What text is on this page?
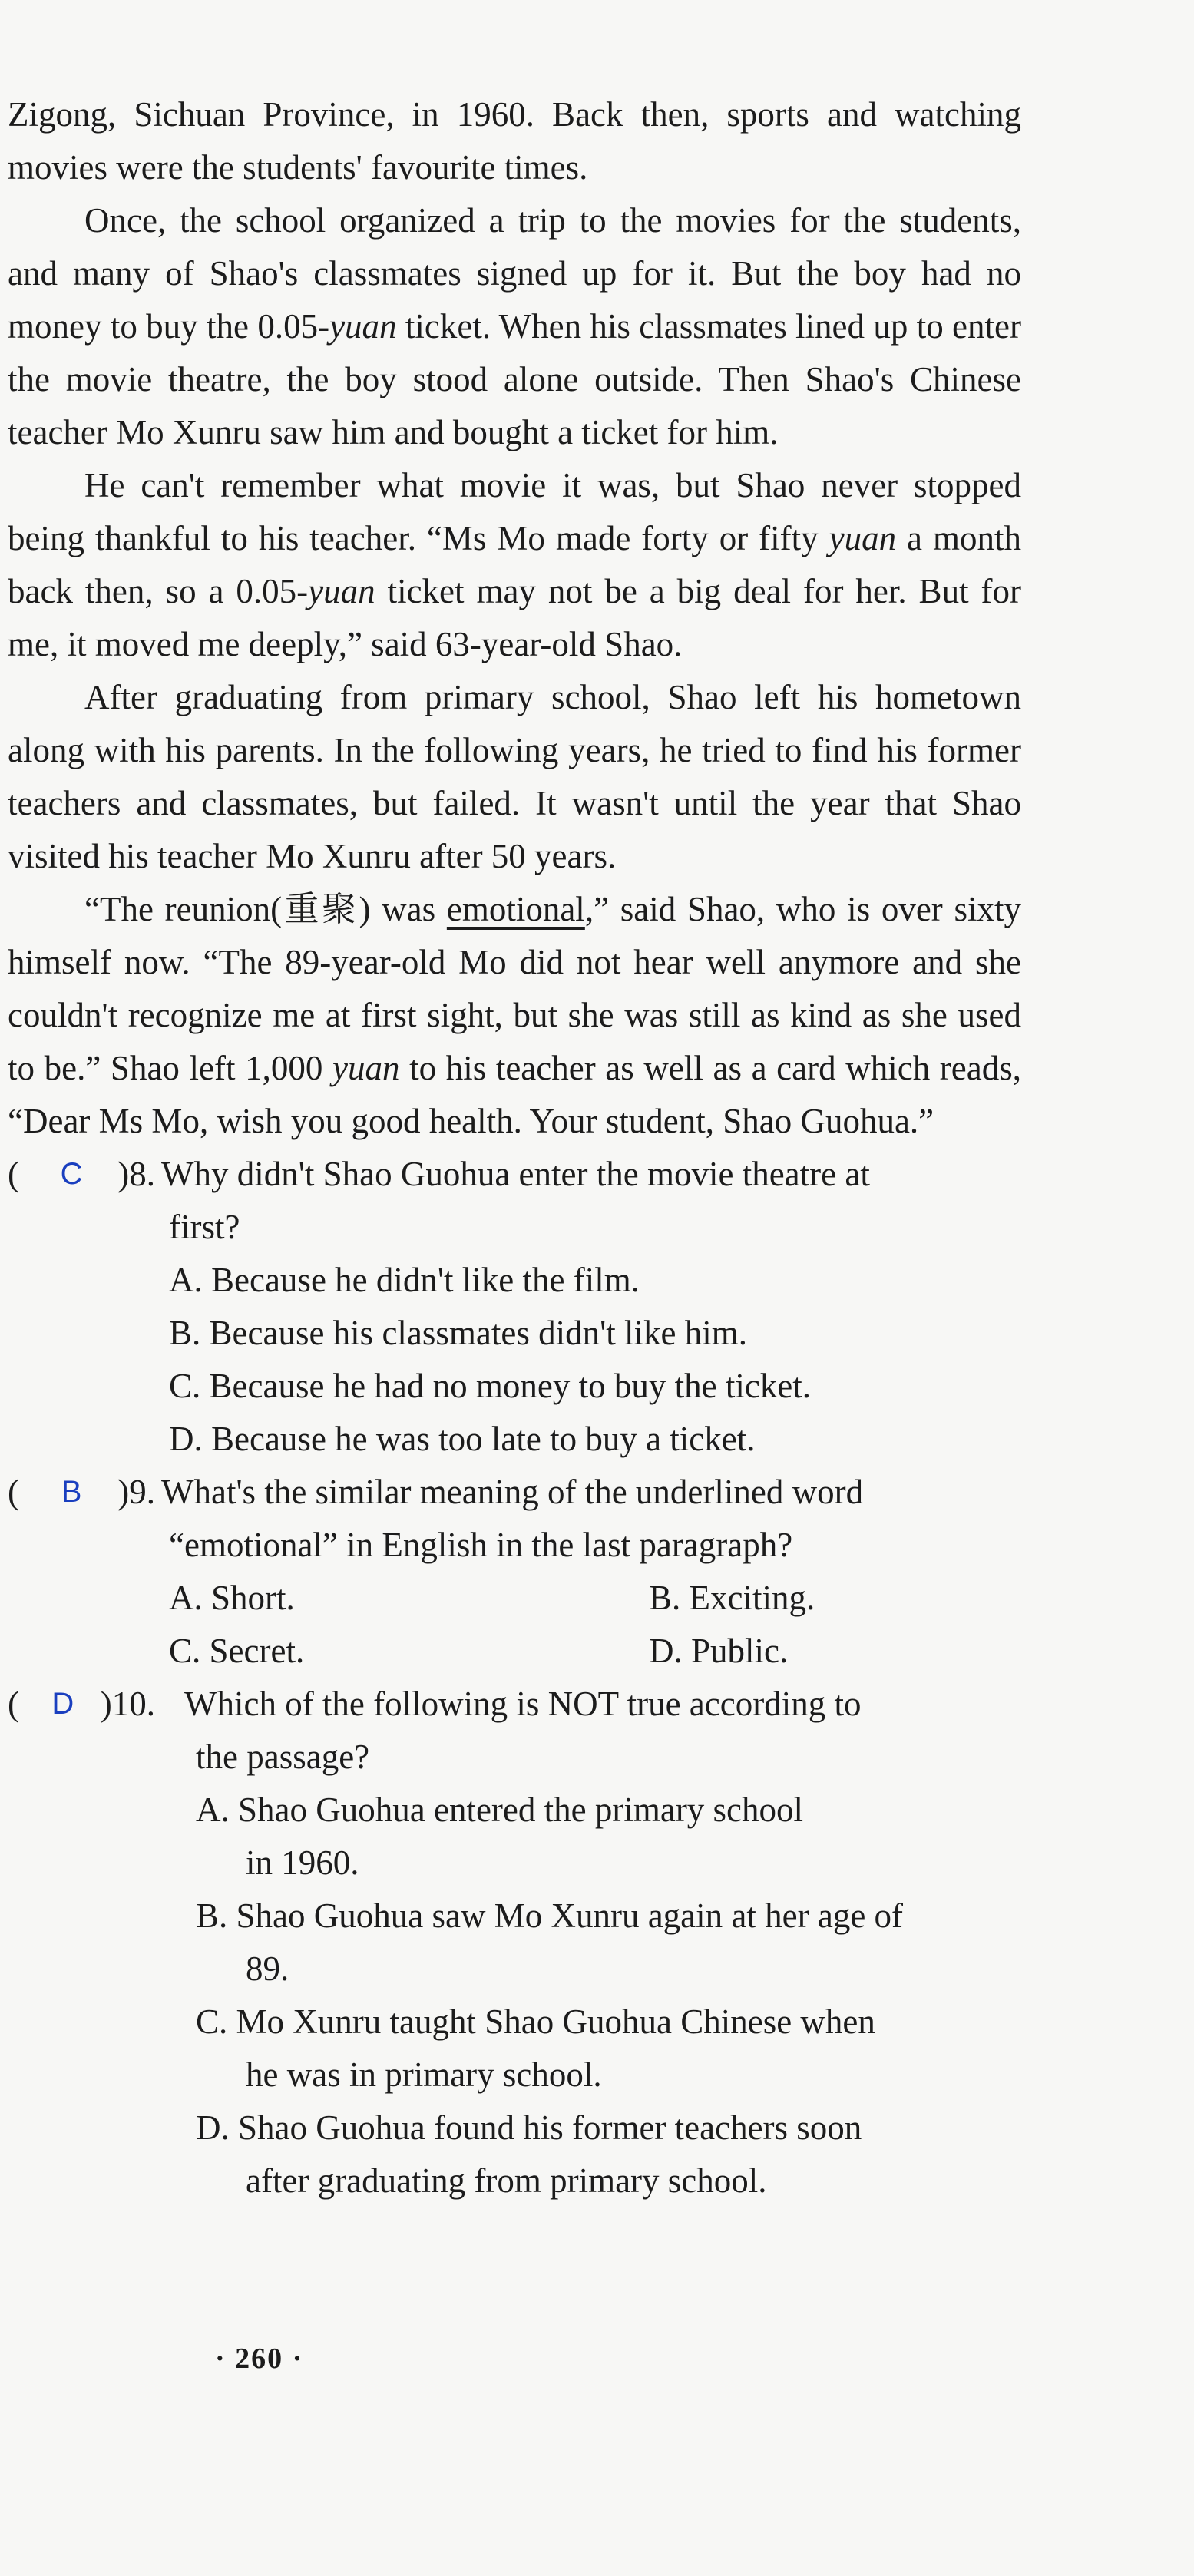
Zigong, Sichuan Province, in 1960. Back then, sports and watching movies were the students' favourite times.

Once, the school organized a trip to the movies for the students, and many of Shao's classmates signed up for it. But the boy had no money to buy the 0.05-yuan ticket. When his classmates lined up to enter the movie theatre, the boy stood alone outside. Then Shao's Chinese teacher Mo Xunru saw him and bought a ticket for him.

He can't remember what movie it was, but Shao never stopped being thankful to his teacher. “Ms Mo made forty or fifty yuan a month back then, so a 0.05-yuan ticket may not be a big deal for her. But for me, it moved me deeply,” said 63-year-old Shao.

After graduating from primary school, Shao left his hometown along with his parents. In the following years, he tried to find his former teachers and classmates, but failed. It wasn't until the year that Shao visited his teacher Mo Xunru after 50 years.

“The reunion(重聚) was emotional,” said Shao, who is over sixty himself now. “The 89-year-old Mo did not hear well anymore and she couldn't recognize me at first sight, but she was still as kind as she used to be.” Shao left 1,000 yuan to his teacher as well as a card which reads, “Dear Ms Mo, wish you good health. Your student, Shao Guohua.”

( C )8. Why didn't Shao Guohua enter the movie theatre at
first?
A. Because he didn't like the film.
B. Because his classmates didn't like him.
C. Because he had no money to buy the ticket.
D. Because he was too late to buy a ticket.
( B )9. What's the similar meaning of the underlined word
“emotional” in English in the last paragraph?
A. Short.	B. Exciting.
C. Secret.	D. Public.
( D )10. Which of the following is NOT true according to
the passage?
A. Shao Guohua entered the primary school
in 1960.
B. Shao Guohua saw Mo Xunru again at her age of
89.
C. Mo Xunru taught Shao Guohua Chinese when
he was in primary school.
D. Shao Guohua found his former teachers soon
after graduating from primary school.
· 260 ·
